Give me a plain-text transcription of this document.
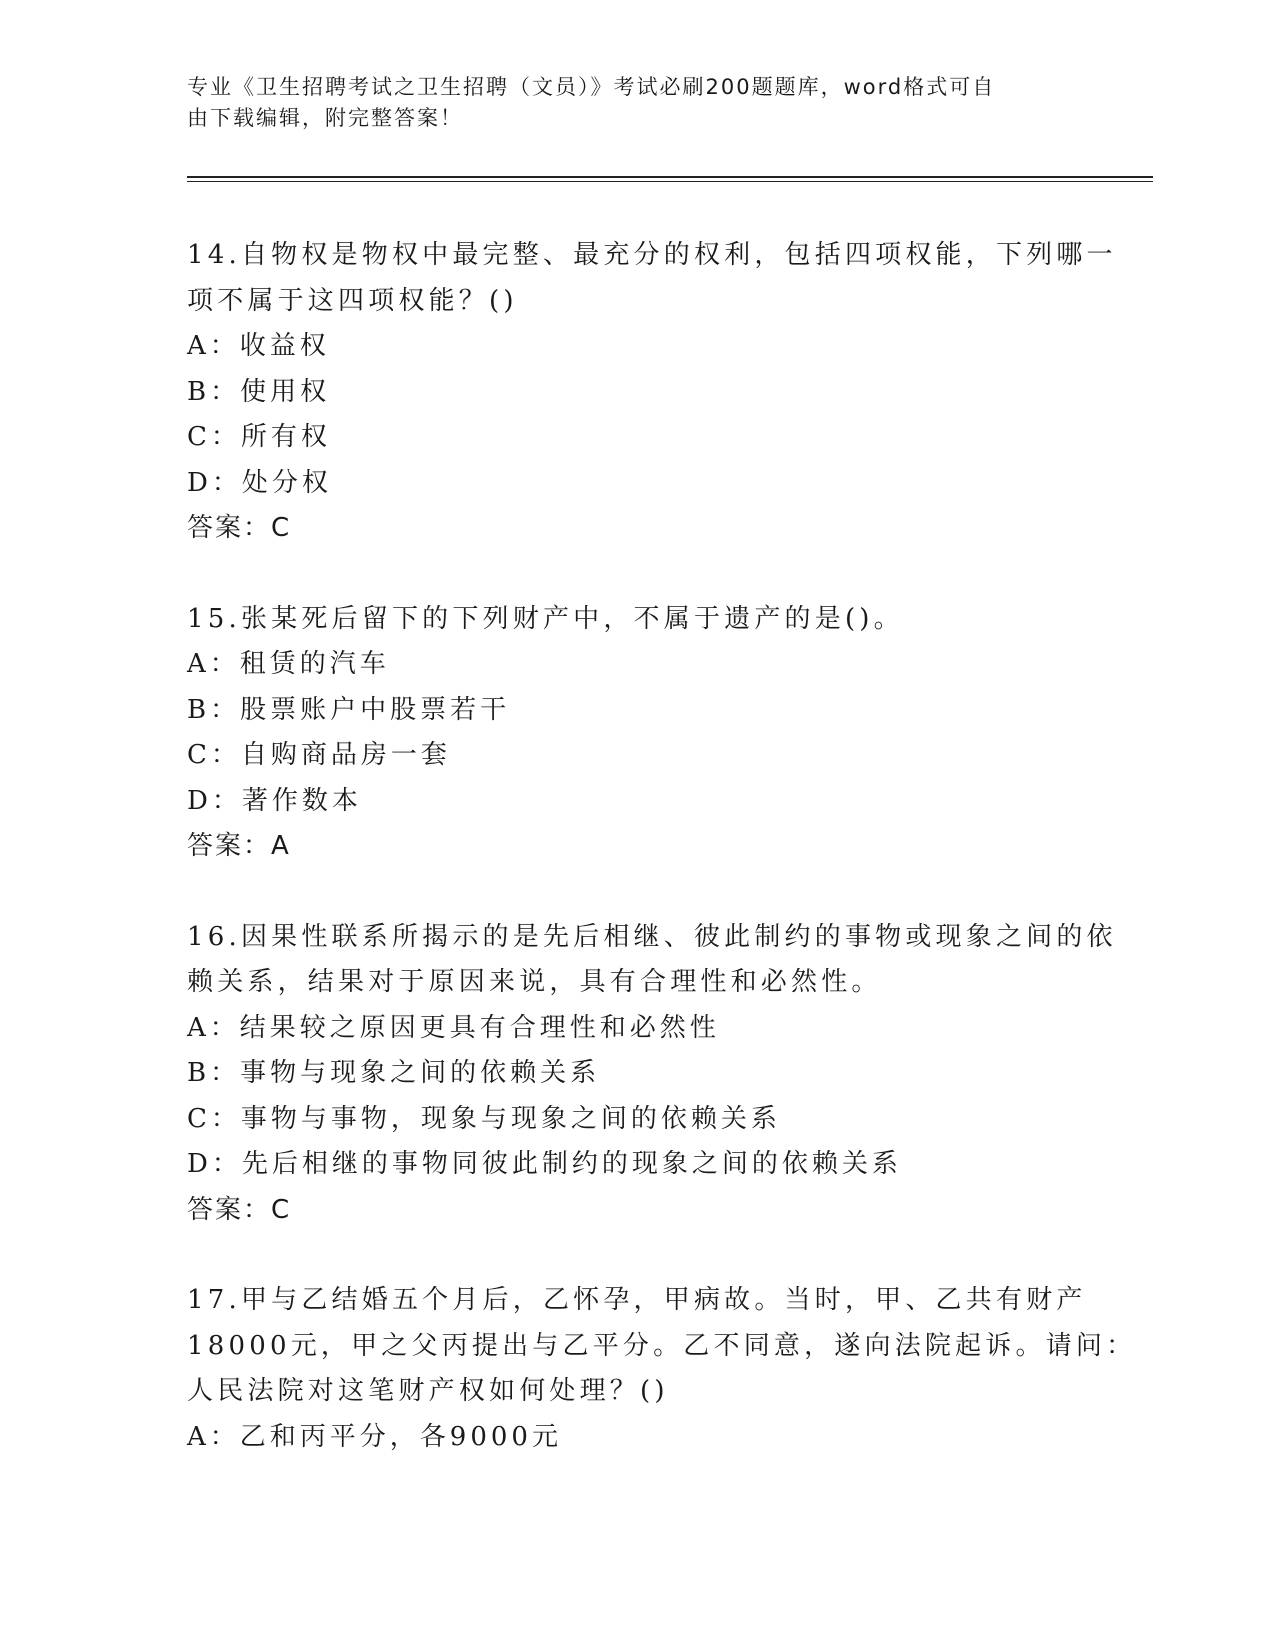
专业《卫生招聘考试之卫生招聘（文员）》考试必刷200题题库，word格式可自
由下载编辑，附完整答案！
14.自物权是物权中最完整、最充分的权利，包括四项权能，下列哪一
项不属于这四项权能？()
A：收益权
B：使用权
C：所有权
D：处分权
答案：C
15.张某死后留下的下列财产中，不属于遗产的是()。
A：租赁的汽车
B：股票账户中股票若干
C：自购商品房一套
D：著作数本
答案：A
16.因果性联系所揭示的是先后相继、彼此制约的事物或现象之间的依
赖关系，结果对于原因来说，具有合理性和必然性。
A：结果较之原因更具有合理性和必然性
B：事物与现象之间的依赖关系
C：事物与事物，现象与现象之间的依赖关系
D：先后相继的事物同彼此制约的现象之间的依赖关系
答案：C
17.甲与乙结婚五个月后，乙怀孕，甲病故。当时，甲、乙共有财产
18000元，甲之父丙提出与乙平分。乙不同意，遂向法院起诉。请问：
人民法院对这笔财产权如何处理？()
A：乙和丙平分，各9000元
